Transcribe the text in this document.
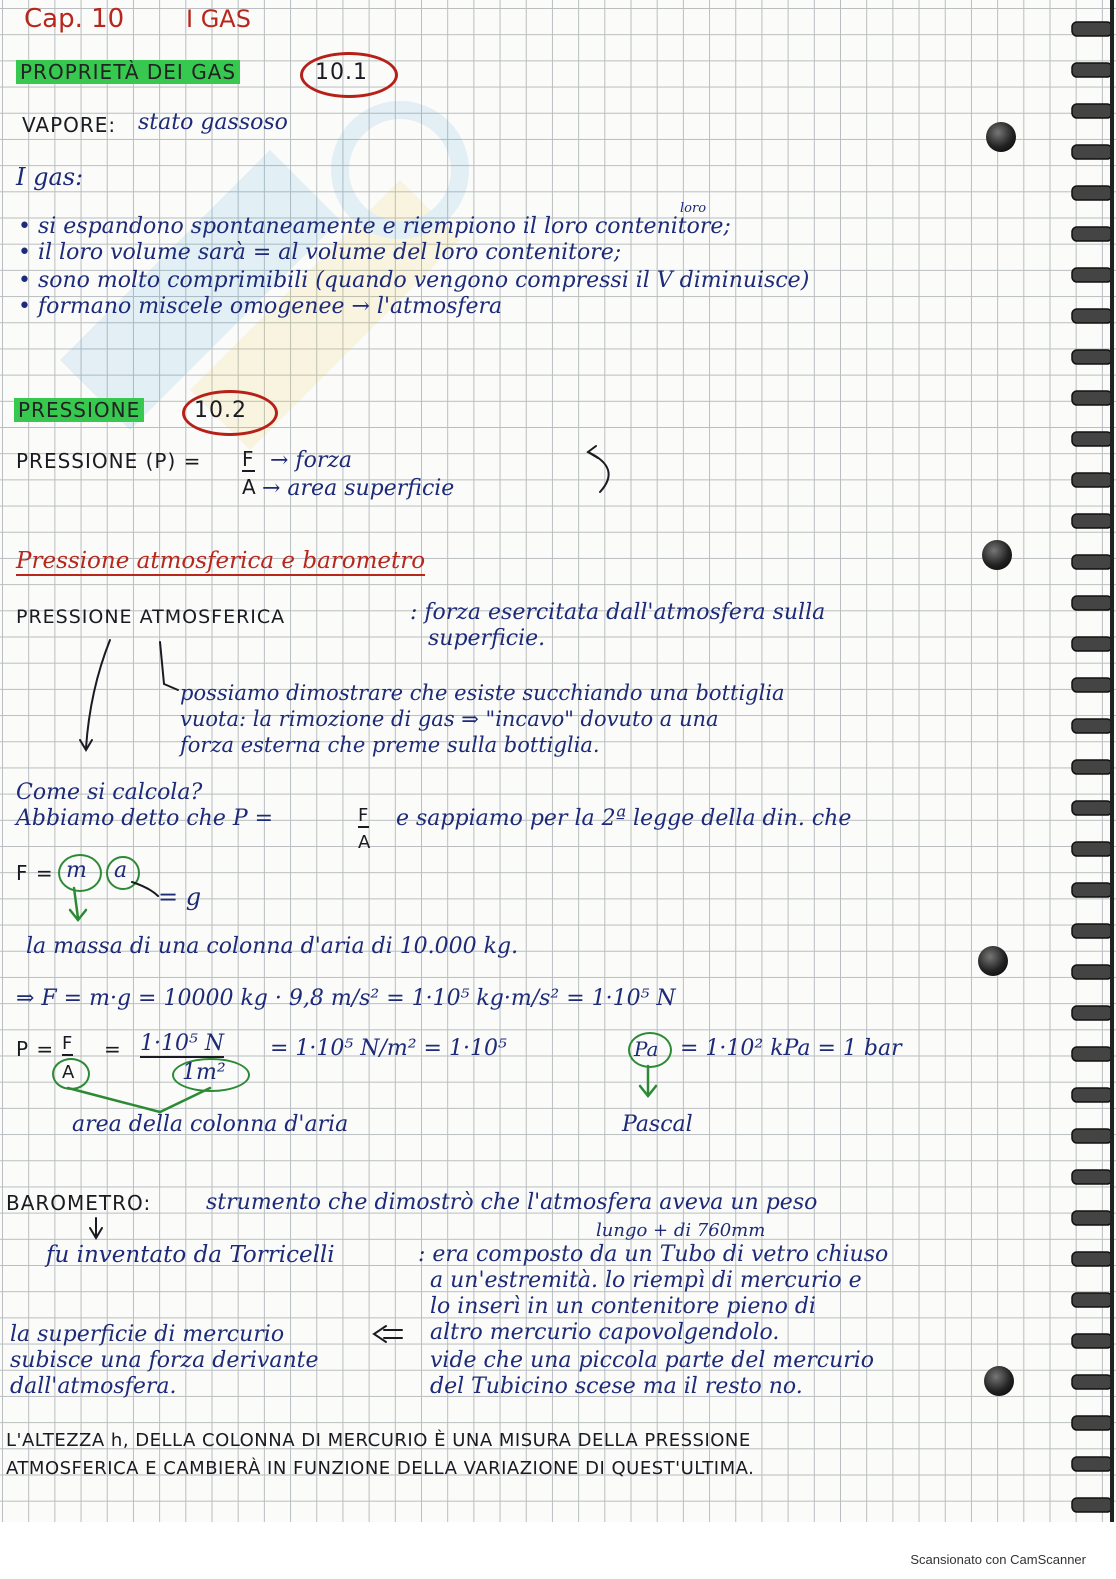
Cap. 10	I GAS
PROPRIETÀ DEI GAS	10.1
VAPORE: stato gassoso
I gas:
loro
• si espandono spontaneamente e riempiono il loro contenitore;
• il loro volume sarà = al volume del loro contenitore;
• sono molto comprimibili (quando vengono compressi il V diminuisce)
• formano miscele omogenee → l'atmosfera
PRESSIONE 10.2
PRESSIONE (P) = F
A
→ forza
→ area superficie
Pressione atmosferica e barometro
PRESSIONE ATMOSFERICA	: forza esercitata dall'atmosfera sulla
superficie.
possiamo dimostrare che esiste succhiando una bottiglia
vuota: la rimozione di gas ⇒ "incavo" dovuto a una
forza esterna che preme sulla bottiglia.
Come si calcola?
Abbiamo detto che P =	F
A
e sappiamo per la 2ª legge della din. che
F = m a
= g
la massa di una colonna d'aria di 10.000 kg.
⇒ F = m·g = 10000 kg · 9,8 m/s² = 1·10⁵ kg·m/s² = 1·10⁵ N
P = F
A
= 1·10⁵ N
1m²
= 1·10⁵ N/m² = 1·10⁵	Pa = 1·10² kPa = 1 bar
area della colonna d'aria	Pascal
BAROMETRO: strumento che dimostrò che l'atmosfera aveva un peso
lungo + di 760mm
fu inventato da Torricelli	: era composto da un Tubo di vetro chiuso
a un'estremità. lo riempì di mercurio e
lo inserì in un contenitore pieno di
altro mercurio capovolgendolo.
vide che una piccola parte del mercurio
del Tubicino scese ma il resto no.
la superficie di mercurio
subisce una forza derivante
dall'atmosfera.
L'ALTEZZA h, DELLA COLONNA DI MERCURIO È UNA MISURA DELLA PRESSIONE
ATMOSFERICA E CAMBIERÀ IN FUNZIONE DELLA VARIAZIONE DI QUEST'ULTIMA.
Scansionato con CamScanner
